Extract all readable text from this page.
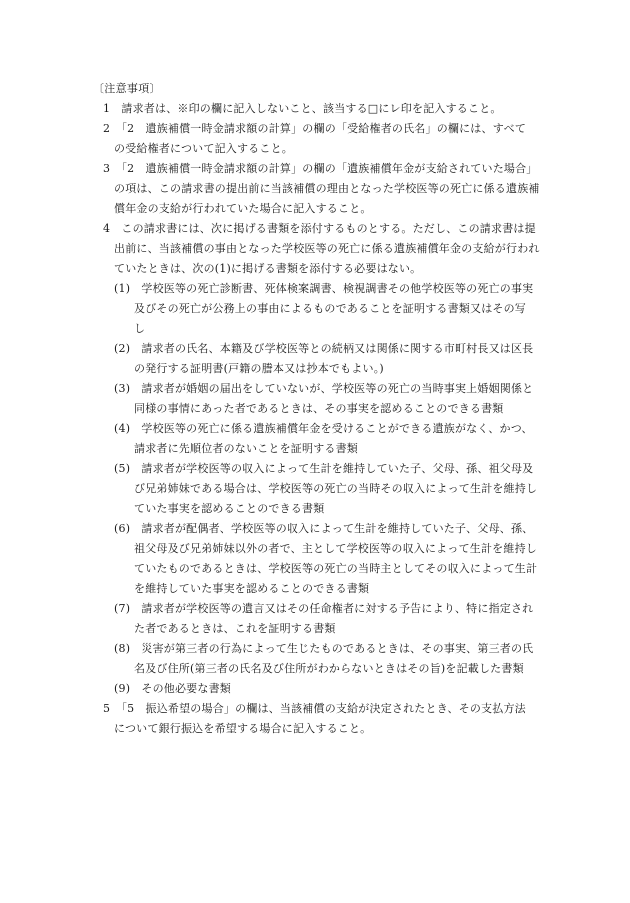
〔注意事項〕
1　請求者は、※印の欄に記入しないこと、該当する□にレ印を記入すること。
2　「2　遺族補償一時金請求額の計算」の欄の「受給権者の氏名」の欄には、すべて
の受給権者について記入すること。
3　「2　遺族補償一時金請求額の計算」の欄の「遺族補償年金が支給されていた場合」
の項は、この請求書の提出前に当該補償の理由となった学校医等の死亡に係る遺族補
償年金の支給が行われていた場合に記入すること。
4　この請求書には、次に掲げる書類を添付するものとする。ただし、この請求書は提
出前に、当該補償の事由となった学校医等の死亡に係る遺族補償年金の支給が行われ
ていたときは、次の(1)に掲げる書類を添付する必要はない。
(1)　学校医等の死亡診断書、死体検案調書、検視調書その他学校医等の死亡の事実
及びその死亡が公務上の事由によるものであることを証明する書類又はその写
し
(2)　請求者の氏名、本籍及び学校医等との続柄又は関係に関する市町村長又は区長
の発行する証明書(戸籍の謄本又は抄本でもよい。)
(3)　請求者が婚姻の届出をしていないが、学校医等の死亡の当時事実上婚姻関係と
同様の事情にあった者であるときは、その事実を認めることのできる書類
(4)　学校医等の死亡に係る遺族補償年金を受けることができる遺族がなく、かつ、
請求者に先順位者のないことを証明する書類
(5)　請求者が学校医等の収入によって生計を維持していた子、父母、孫、祖父母及
び兄弟姉妹である場合は、学校医等の死亡の当時その収入によって生計を維持し
ていた事実を認めることのできる書類
(6)　請求者が配偶者、学校医等の収入によって生計を維持していた子、父母、孫、
祖父母及び兄弟姉妹以外の者で、主として学校医等の収入によって生計を維持し
ていたものであるときは、学校医等の死亡の当時主としてその収入によって生計
を維持していた事実を認めることのできる書類
(7)　請求者が学校医等の遺言又はその任命権者に対する予告により、特に指定され
た者であるときは、これを証明する書類
(8)　災害が第三者の行為によって生じたものであるときは、その事実、第三者の氏
名及び住所(第三者の氏名及び住所がわからないときはその旨)を記載した書類
(9)　その他必要な書類
5　「5　振込希望の場合」の欄は、当該補償の支給が決定されたとき、その支払方法
について銀行振込を希望する場合に記入すること。
